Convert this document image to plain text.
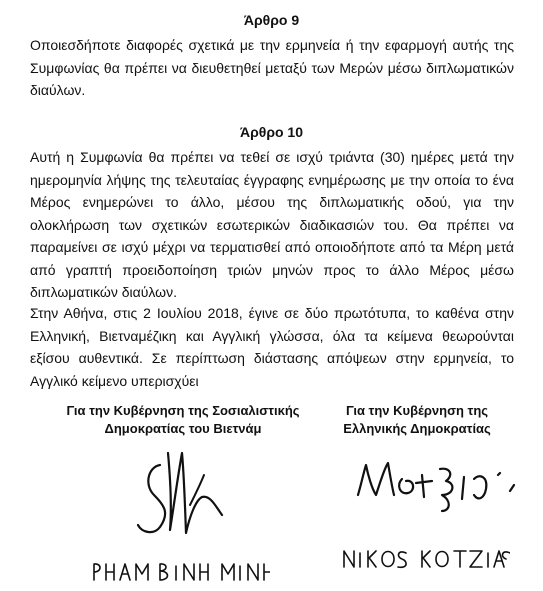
Άρθρο 9
Οποιεσδήποτε διαφορές σχετικά με την ερμηνεία ή την εφαρμογή αυτής της Συμφωνίας θα πρέπει να διευθετηθεί μεταξύ των Μερών μέσω διπλωματικών διαύλων.
Άρθρο 10
Αυτή η Συμφωνία θα πρέπει να τεθεί σε ισχύ τριάντα (30) ημέρες μετά την ημερομηνία λήψης της τελευταίας έγγραφης ενημέρωσης με την οποία το ένα Μέρος ενημερώνει το άλλο, μέσου της διπλωματικής οδού, για την ολοκλήρωση των σχετικών εσωτερικών διαδικασιών του. Θα πρέπει να παραμείνει σε ισχύ μέχρι να τερματισθεί από οποιοδήποτε από τα Μέρη μετά από γραπτή προειδοποίηση τριών μηνών προς το άλλο Μέρος μέσω διπλωματικών διαύλων.
Στην Αθήνα, στις 2 Ιουλίου 2018, έγινε σε δύο πρωτότυπα, το καθένα στην Ελληνική, Βιετναμέζικη και Αγγλική γλώσσα, όλα τα κείμενα θεωρούνται εξίσου αυθεντικά. Σε περίπτωση διάστασης απόψεων στην ερμηνεία, το Αγγλικό κείμενο υπερισχύει
Για την Κυβέρνηση της Σοσιαλιστικής
Δημοκρατίας του Βιετνάμ
Για την Κυβέρνηση της
Ελληνικής Δημοκρατίας
